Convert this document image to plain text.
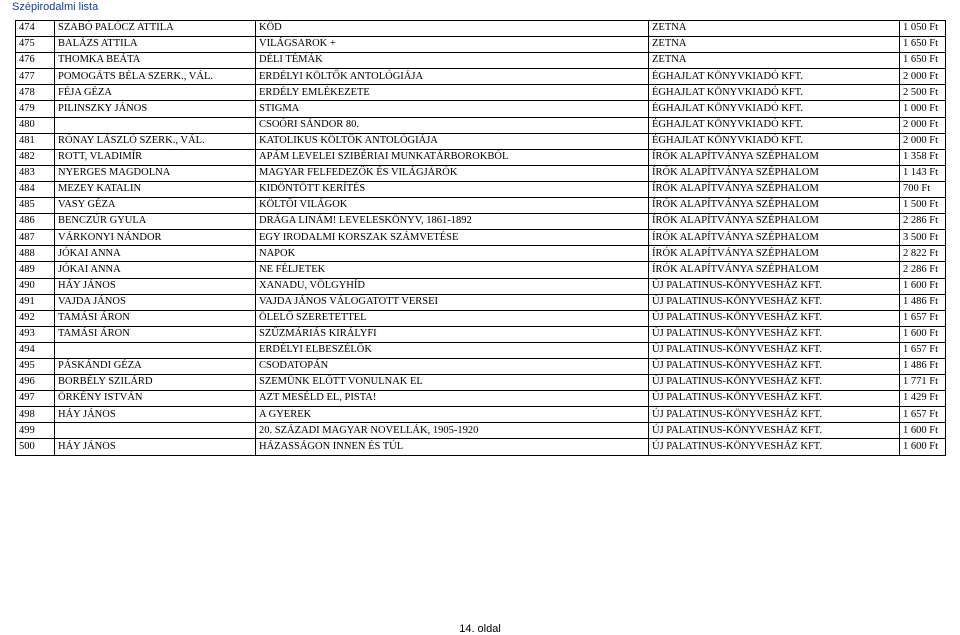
Szépirodalmi lista
474	SZABÓ PALÓCZ ATTILA	KÖD	ZETNA	1 050 Ft
475	BALÁZS ATTILA	VILÁGSAROK +	ZETNA	1 650 Ft
476	THOMKA BEÁTA	DÉLI TÉMÁK	ZETNA	1 650 Ft
477	POMOGÁTS BÉLA SZERK., VÁL.	ERDÉLYI KÖLTŐK ANTOLÓGIÁJA	ÉGHAJLAT KÖNYVKIADÓ KFT.	2 000 Ft
478	FÉJA GÉZA	ERDÉLY EMLÉKEZETE	ÉGHAJLAT KÖNYVKIADÓ KFT.	2 500 Ft
479	PILINSZKY JÁNOS	STIGMA	ÉGHAJLAT KÖNYVKIADÓ KFT.	1 000 Ft
480		CSOÓRI SÁNDOR 80.	ÉGHAJLAT KÖNYVKIADÓ KFT.	2 000 Ft
481	RÓNAY LÁSZLÓ SZERK., VÁL.	KATOLIKUS KÖLTŐK ANTOLÓGIÁJA	ÉGHAJLAT KÖNYVKIADÓ KFT.	2 000 Ft
482	ROTT, VLADIMÍR	APÁM LEVELEI SZIBÉRIAI MUNKATÁRBOROKBÓL	ÍRÓK ALAPÍTVÁNYA SZÉPHALOM	1 358 Ft
483	NYERGES MAGDOLNA	MAGYAR FELFEDEZŐK ÉS VILÁGJÁRÓK	ÍRÓK ALAPÍTVÁNYA SZÉPHALOM	1 143 Ft
484	MEZEY KATALIN	KIDÖNTÖTT KERÍTÉS	ÍRÓK ALAPÍTVÁNYA SZÉPHALOM	700 Ft
485	VASY GÉZA	KÖLTŐI VILÁGOK	ÍRÓK ALAPÍTVÁNYA SZÉPHALOM	1 500 Ft
486	BENCZÚR GYULA	DRÁGA LINÁM! LEVELESKÖNYV, 1861-1892	ÍRÓK ALAPÍTVÁNYA SZÉPHALOM	2 286 Ft
487	VÁRKONYI NÁNDOR	EGY IRODALMI KORSZAK SZÁMVETÉSE	ÍRÓK ALAPÍTVÁNYA SZÉPHALOM	3 500 Ft
488	JÓKAI ANNA	NAPOK	ÍRÓK ALAPÍTVÁNYA SZÉPHALOM	2 822 Ft
489	JÓKAI ANNA	NE FÉLJETEK	ÍRÓK ALAPÍTVÁNYA SZÉPHALOM	2 286 Ft
490	HÁY JÁNOS	XANADU, VÖLGYHÍD	ÚJ PALATINUS-KÖNYVESHÁZ KFT.	1 600 Ft
491	VAJDA JÁNOS	VAJDA JÁNOS VÁLOGATOTT VERSEI	ÚJ PALATINUS-KÖNYVESHÁZ KFT.	1 486 Ft
492	TAMÁSI ÁRON	ÖLELŐ SZERETETTEL	ÚJ PALATINUS-KÖNYVESHÁZ KFT.	1 657 Ft
493	TAMÁSI ÁRON	SZŰZMÁRIÁS KIRÁLYFI	ÚJ PALATINUS-KÖNYVESHÁZ KFT.	1 600 Ft
494		ERDÉLYI ELBESZÉLŐK	ÚJ PALATINUS-KÖNYVESHÁZ KFT.	1 657 Ft
495	PÁSKÁNDI GÉZA	CSODATOPÁN	ÚJ PALATINUS-KÖNYVESHÁZ KFT.	1 486 Ft
496	BORBÉLY SZILÁRD	SZEMÜNK ELŐTT VONULNAK EL	ÚJ PALATINUS-KÖNYVESHÁZ KFT.	1 771 Ft
497	ÖRKÉNY ISTVÁN	AZT MESÉLD EL, PISTA!	ÚJ PALATINUS-KÖNYVESHÁZ KFT.	1 429 Ft
498	HÁY JÁNOS	A GYEREK	ÚJ PALATINUS-KÖNYVESHÁZ KFT.	1 657 Ft
499		20. SZÁZADI MAGYAR NOVELLÁK, 1905-1920	ÚJ PALATINUS-KÖNYVESHÁZ KFT.	1 600 Ft
500	HÁY JÁNOS	HÁZASSÁGON INNEN ÉS TÚL	ÚJ PALATINUS-KÖNYVESHÁZ KFT.	1 600 Ft
14. oldal
